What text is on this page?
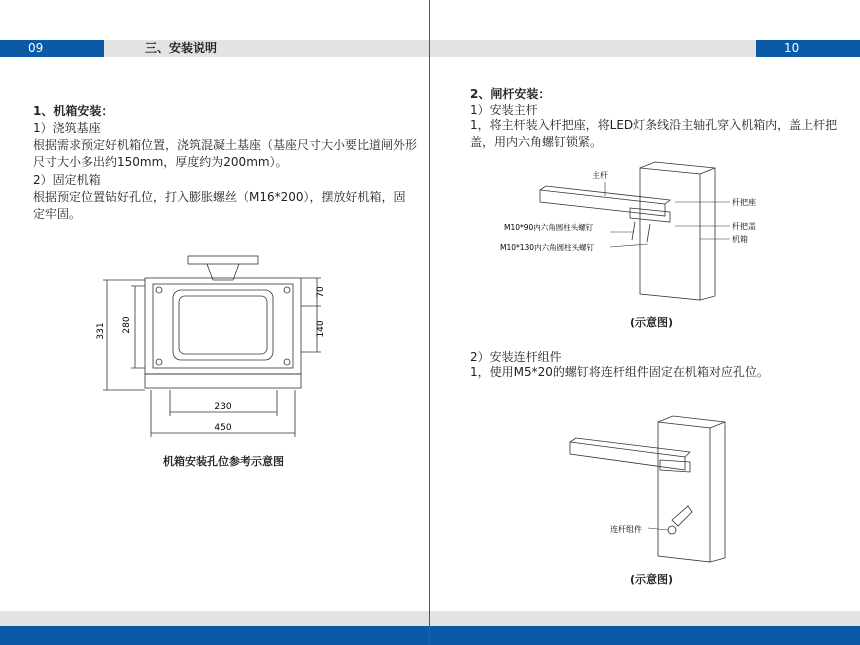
09	10
三、安装说明
1、机箱安装：
1）浇筑基座
根据需求预定好机箱位置，浇筑混凝土基座（基座尺寸大小要比道闸外形
尺寸大小多出约150mm，厚度约为200mm）。
2）固定机箱
根据预定位置钻好孔位，打入膨胀螺丝（M16*200），摆放好机箱，固
定牢固。
331 280
70
140
230
450
机箱安装孔位参考示意图
2、闸杆安装：
1）安装主杆
1，将主杆装入杆把座，将LED灯条线沿主轴孔穿入机箱内，盖上杆把
盖，用内六角螺钉锁紧。
主杆
杆把座
杆把盖
机箱
M10*90内六角圆柱头螺钉
M10*130内六角圆柱头螺钉
(示意图)
2）安装连杆组件
1，使用M5*20的螺钉将连杆组件固定在机箱对应孔位。
连杆组件
(示意图)
